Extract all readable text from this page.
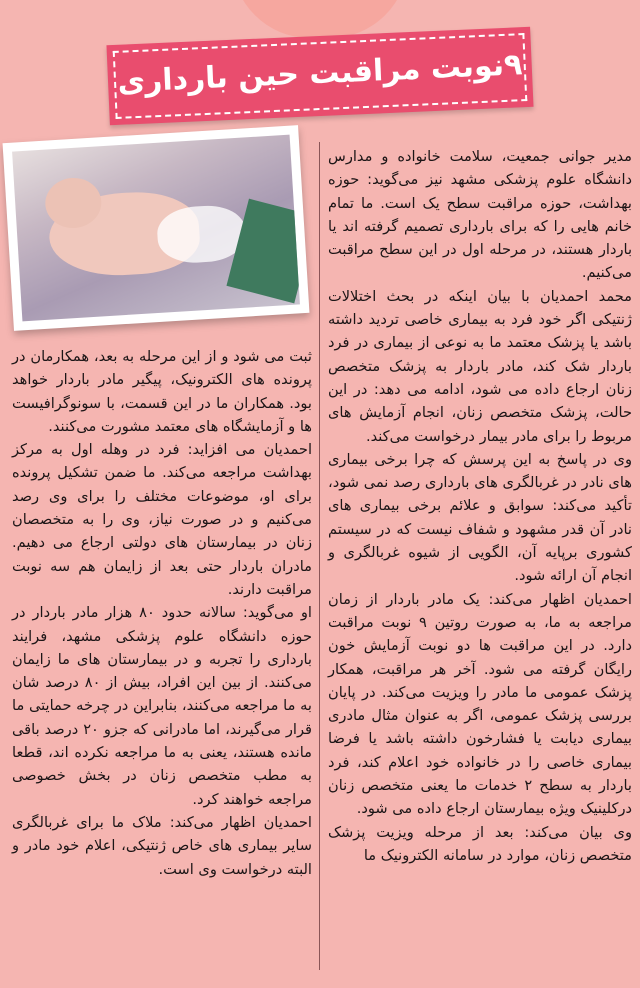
۹نوبت مراقبت حین بارداری

مدیر جوانی جمعیت، سلامت خانواده و مدارس دانشگاه علوم پزشکی مشهد نیز می‌گوید: حوزه بهداشت، حوزه مراقبت سطح یک است. ما تمام خانم هایی را که برای بارداری تصمیم گرفته اند یا باردار هستند، در مرحله اول در این سطح مراقبت می‌کنیم.

محمد احمدیان با بیان اینکه در بحث اختلالات ژنتیکی اگر خود فرد به بیماری خاصی تردید داشته باشد یا پزشک معتمد ما به نوعی از بیماری در فرد باردار شک کند، مادر باردار به پزشک متخصص زنان ارجاع داده می شود، ادامه می دهد: در این حالت، پزشک متخصص زنان، انجام آزمایش های مربوط را برای مادر بیمار درخواست می‌کند.

وی در پاسخ به این پرسش که چرا برخی بیماری های نادر در غربالگری های بارداری رصد نمی شود، تأکید می‌کند: سوابق و علائم برخی بیماری های نادر آن قدر مشهود و شفاف نیست که در سیستم کشوری برپایه آن، الگویی از شیوه غربالگری و انجام آن ارائه شود.

احمدیان اظهار می‌کند: یک مادر باردار از زمان مراجعه به ما، به صورت روتین ۹ نوبت مراقبت دارد. در این مراقبت ها دو نوبت آزمایش خون رایگان گرفته می شود. آخر هر مراقبت، همکار پزشک عمومی ما مادر را ویزیت می‌کند. در پایان بررسی پزشک عمومی، اگر به عنوان مثال مادری بیماری دیابت یا فشارخون داشته باشد یا فرضا بیماری خاصی را در خانواده خود اعلام کند، فرد باردار به سطح ۲ خدمات ما یعنی متخصص زنان درکلینیک ویژه بیمارستان ارجاع داده می شود.

وی بیان می‌کند: بعد از مرحله ویزیت پزشک متخصص زنان، موارد در سامانه الکترونیک ما

ثبت می شود و از این مرحله به بعد، همکارمان در پرونده های الکترونیک، پیگیر مادر باردار خواهد بود. همکاران ما در این قسمت، با سونوگرافیست ها و آزمایشگاه های معتمد مشورت می‌کنند.

احمدیان می افزاید: فرد در وهله اول به مرکز بهداشت مراجعه می‌کند. ما ضمن تشکیل پرونده برای او، موضوعات مختلف را برای وی رصد می‌کنیم و در صورت نیاز، وی را به متخصصان زنان در بیمارستان های دولتی ارجاع می دهیم. مادران باردار حتی بعد از زایمان هم سه نوبت مراقبت دارند.

او می‌گوید: سالانه حدود ۸۰ هزار مادر باردار در حوزه دانشگاه علوم پزشکی مشهد، فرایند بارداری را تجربه و در بیمارستان های ما زایمان می‌کنند. از بین این افراد، بیش از ۸۰ درصد شان به ما مراجعه می‌کنند، بنابراین در چرخه حمایتی ما قرار می‌گیرند، اما مادرانی که جزو ۲۰ درصد باقی مانده هستند، یعنی به ما مراجعه نکرده اند، قطعا به مطب متخصص زنان در بخش خصوصی مراجعه خواهند کرد.

احمدیان اظهار می‌کند: ملاک ما برای غربالگری سایر بیماری های خاص ژنتیکی، اعلام خود مادر و البته درخواست وی است.
